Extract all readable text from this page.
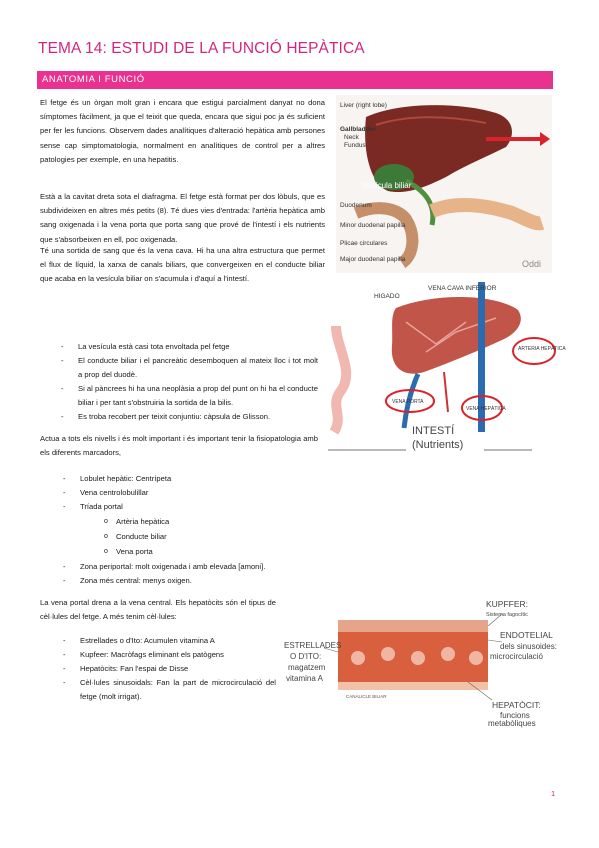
TEMA 14: ESTUDI DE LA FUNCIÓ HEPÀTICA
ANATOMIA I FUNCIÓ
El fetge és un òrgan molt gran i encara que estigui parcialment danyat no dona símptomes fàcilment, ja que el teixit que queda, encara que sigui poc ja és suficient per fer les funcions. Observem dades analítiques d'alteració hepàtica amb persones sense cap simptomatologia, normalment en analítiques de control per a altres patologies per exemple, en una hepatitis.
Està a la cavitat dreta sota el diafragma. El fetge està format per dos lòbuls, que es subdivideixen en altres més petits (8). Té dues vies d'entrada: l'artèria hepàtica amb sang oxigenada i la vena porta que porta sang que prové de l'intestí i els nutrients que s'absorbeixen en ell, poc oxigenada.
Té una sortida de sang que és la vena cava. Hi ha una altra estructura que permet el flux de líquid, la xarxa de canals biliars, que convergeixen en el conducte biliar que acaba en la vesícula biliar on s'acumula i d'aquí a l'intestí.
- La vesícula està casi tota envoltada pel fetge
- El conducte biliar i el pancreàtic desemboquen al mateix lloc i tot molt a prop del duodè.
- Si al pàncrees hi ha una neoplàsia a prop del punt on hi ha el conducte biliar i per tant s'obstruiria la sortida de la bilis.
- Es troba recobert per teixit conjuntiu: càpsula de Glisson.
Actua a tots els nivells i és molt important i és important tenir la fisiopatologia amb els diferents marcadors,
- Lobulet hepàtic: Centrípeta
- Vena centrolobulillar
- Tríada portal
o Artèria hepàtica
o Conducte biliar
o Vena porta
- Zona periportal: molt oxigenada i amb elevada [amoni].
- Zona més central: menys oxigen.
La vena portal drena a la vena central. Els hepatòcits són el tipus de cèl·lules del fetge. A més tenim cèl·lules:
- Estrellades o d'Ito: Acumulen vitamina A
- Kupfeer: Macròfags eliminant els patògens
- Hepatòcits: Fan l'espai de Disse
- Cèl·lules sinusoidals: Fan la part de microcirculació del fetge (molt irrigat).
Liver (right lobe)
Gallbladder
Neck
Fundus
Vesícula biliar
Duodenum
Minor duodenal papilla
Plicae circulares
Major duodenal papilla	Oddi
HIGADO
VENA CAVA INFERIOR
ARTERIA HEPÁTICA
VENA PORTA
VENA HEPÁTICA
INTESTÍ
(Nutrients)
KUPFFER:
Sistema fagocític
ENDOTELIAL
dels sinusoides:
microcirculació
ESTRELLADES
O D'ITO:
magatzem
vitamina A
CANALICLE BILIAR
HEPATÒCIT:
funcions
metabòliques
1
